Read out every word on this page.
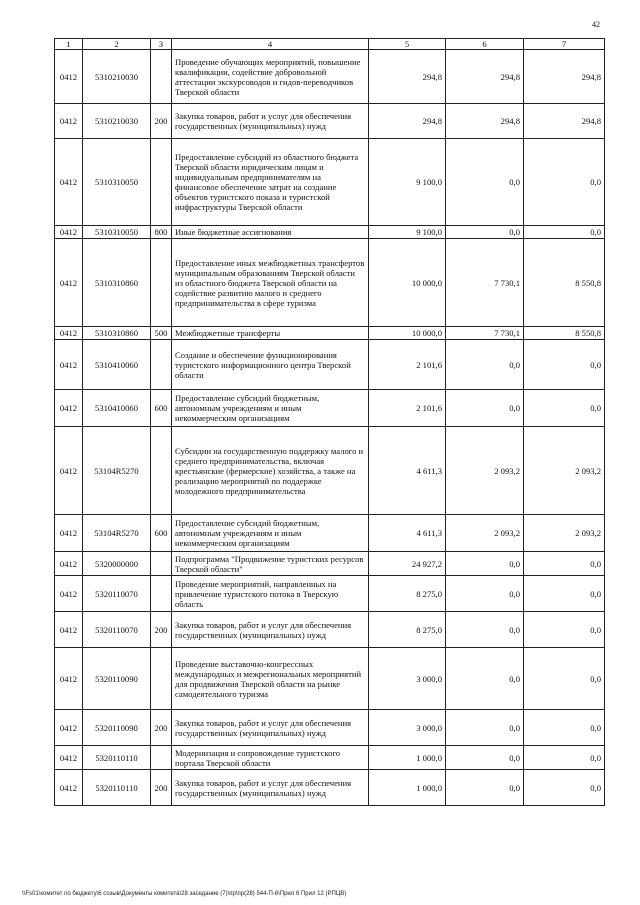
42
1	2	3	4	5	6	7
0412	5310210030		Проведение обучающих мероприятий, повышение квалификации, содействие добровольной аттестации экскурсоводов и гидов-переводчиков Тверской области	294,8	294,8	294,8
0412	5310210030	200	Закупка товаров, работ и услуг для обеспечения государственных (муниципальных) нужд	294,8	294,8	294,8
0412	5310310050		Предоставление субсидий из областного бюджета Тверской области юридическим лицам и индивидуальным предпринимателям на финансовое обеспечение затрат на создание объектов туристского показа и туристской инфраструктуры Тверской области	9 100,0	0,0	0,0
0412	5310310050	800	Иные бюджетные ассигнования	9 100,0	0,0	0,0
0412	5310310860		Предоставление иных межбюджетных трансфертов муниципальным образованиям Тверской области из областного бюджета Тверской области на содействие развитию малого и среднего предпринимательства в сфере туризма	10 000,0	7 730,1	8 550,8
0412	5310310860	500	Межбюджетные трансферты	10 000,0	7 730,1	8 550,8
0412	5310410060		Создание и обеспечение функционирования туристского информационного центра Тверской области	2 101,6	0,0	0,0
0412	5310410060	600	Предоставление субсидий бюджетным, автономным учреждениям и иным некоммерческим организациям	2 101,6	0,0	0,0
0412	53104R5270		Субсидии на государственную поддержку малого и среднего предпринимательства, включая крестьянские (фермерские) хозяйства, а также на реализацию мероприятий по поддержке молодежного предпринимательства	4 611,3	2 093,2	2 093,2
0412	53104R5270	600	Предоставление субсидий бюджетным, автономным учреждениям и иным некоммерческим организациям	4 611,3	2 093,2	2 093,2
0412	5320000000		Подпрограмма "Продвижение туристских ресурсов Тверской области"	24 927,2	0,0	0,0
0412	5320110070		Проведение мероприятий, направленных на привлечение туристского потока в Тверскую область	8 275,0	0,0	0,0
0412	5320110070	200	Закупка товаров, работ и услуг для обеспечения государственных (муниципальных) нужд	8 275,0	0,0	0,0
0412	5320110090		Проведение выставочно-конгрессных международных и межрегиональных мероприятий для продвижения Тверской области на рынке самодеятельного туризма	3 000,0	0,0	0,0
0412	5320110090	200	Закупка товаров, работ и услуг для обеспечения государственных (муниципальных) нужд	3 000,0	0,0	0,0
0412	5320110110		Модернизация и сопровождение туристского портала Тверской области	1 000,0	0,0	0,0
0412	5320110110	200	Закупка товаров, работ и услуг для обеспечения государственных (муниципальных) нужд	1 000,0	0,0	0,0
\\Fs01\комитет по бюджету\6 созыв\Документы комитета\28 заседание (7)\пр\пр(28) 544-П-6\Прил 6 Прил 12 (РПЦВ)
